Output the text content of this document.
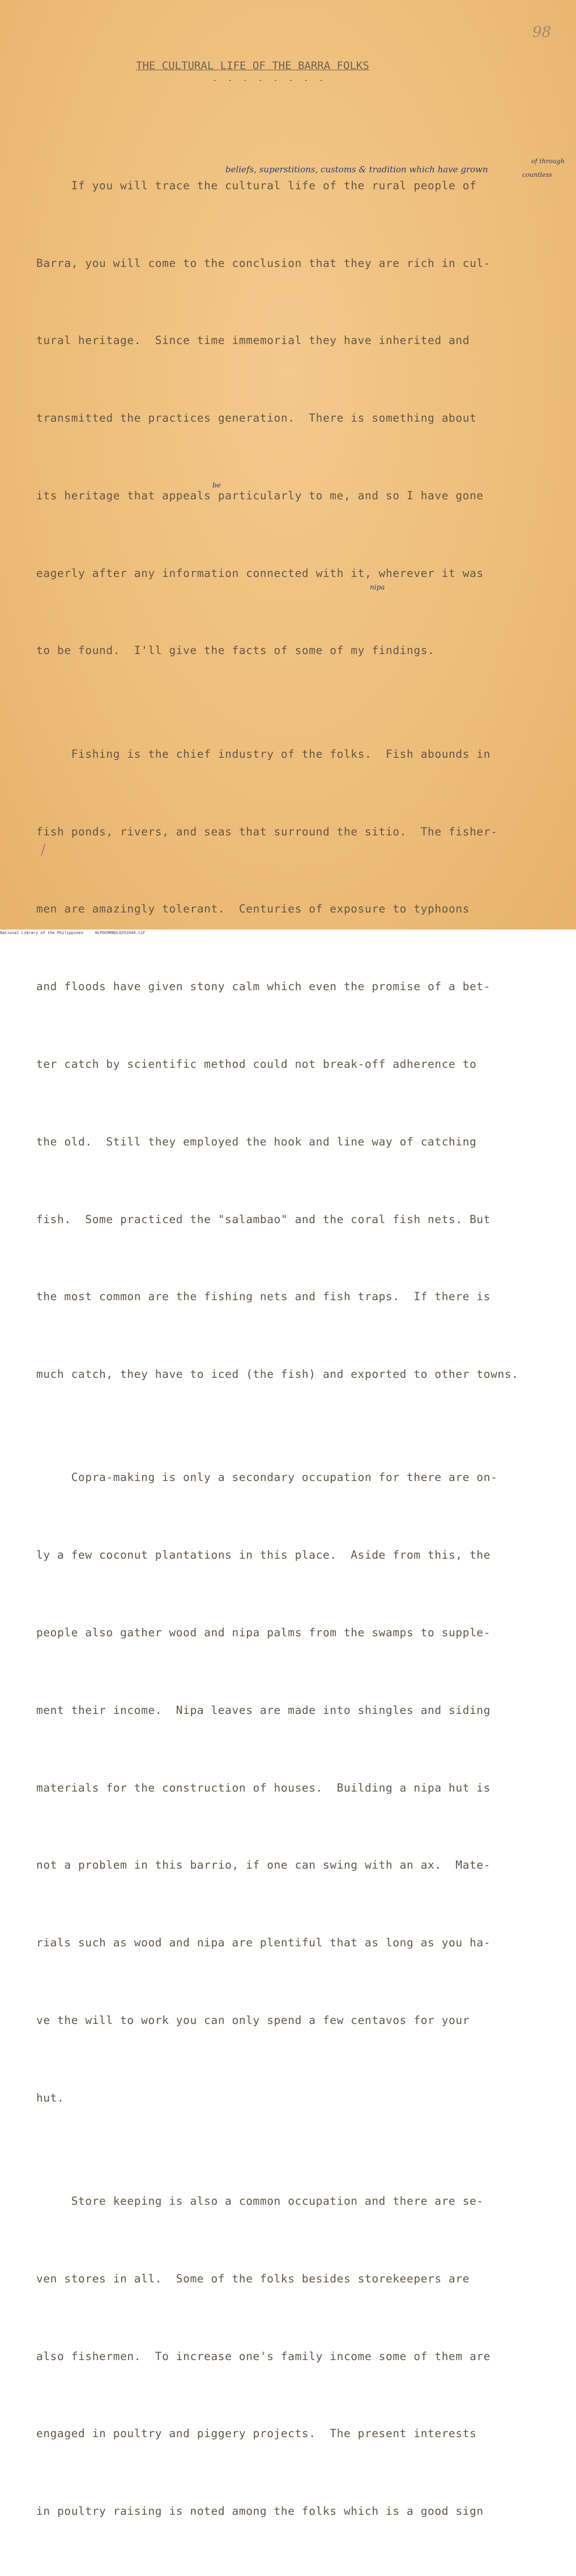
98
THE CULTURAL LIFE OF THE BARRA FOLKS
- - - - - - - -

If you will trace the cultural life of the rural people of

Barra, you will come to the conclusion that they are rich in cul-

tural heritage.  Since time immemorial they have inherited and

transmitted the practices generation.  There is something about

its heritage that appeals particularly to me, and so I have gone

eagerly after any information connected with it, wherever it was

to be found.  I'll give the facts of some of my findings.

Fishing is the chief industry of the folks.  Fish abounds in

fish ponds, rivers, and seas that surround the sitio.  The fisher-

men are amazingly tolerant.  Centuries of exposure to typhoons

and floods have given stony calm which even the promise of a bet-

ter catch by scientific method could not break-off adherence to

the old.  Still they employed the hook and line way of catching

fish.  Some practiced the "salambao" and the coral fish nets. But

the most common are the fishing nets and fish traps.  If there is

much catch, they have to iced (the fish) and exported to other towns.

Copra-making is only a secondary occupation for there are on-

ly a few coconut plantations in this place.  Aside from this, the

people also gather wood and nipa palms from the swamps to supple-

ment their income.  Nipa leaves are made into shingles and siding

materials for the construction of houses.  Building a nipa hut is

not a problem in this barrio, if one can swing with an ax.  Mate-

rials such as wood and nipa are plentiful that as long as you ha-

ve the will to work you can only spend a few centavos for your

hut.

Store keeping is also a common occupation and there are se-

ven stores in all.  Some of the folks besides storekeepers are

also fishermen.  To increase one's family income some of them are

engaged in poultry and piggery projects.  The present interests

in poultry raising is noted among the folks which is a good sign

beliefs, superstitions, customs & tradition which have grown
of through
countless
be
nipa
National Library of the Philippines     NLPOCMRNDLO251048.tif
